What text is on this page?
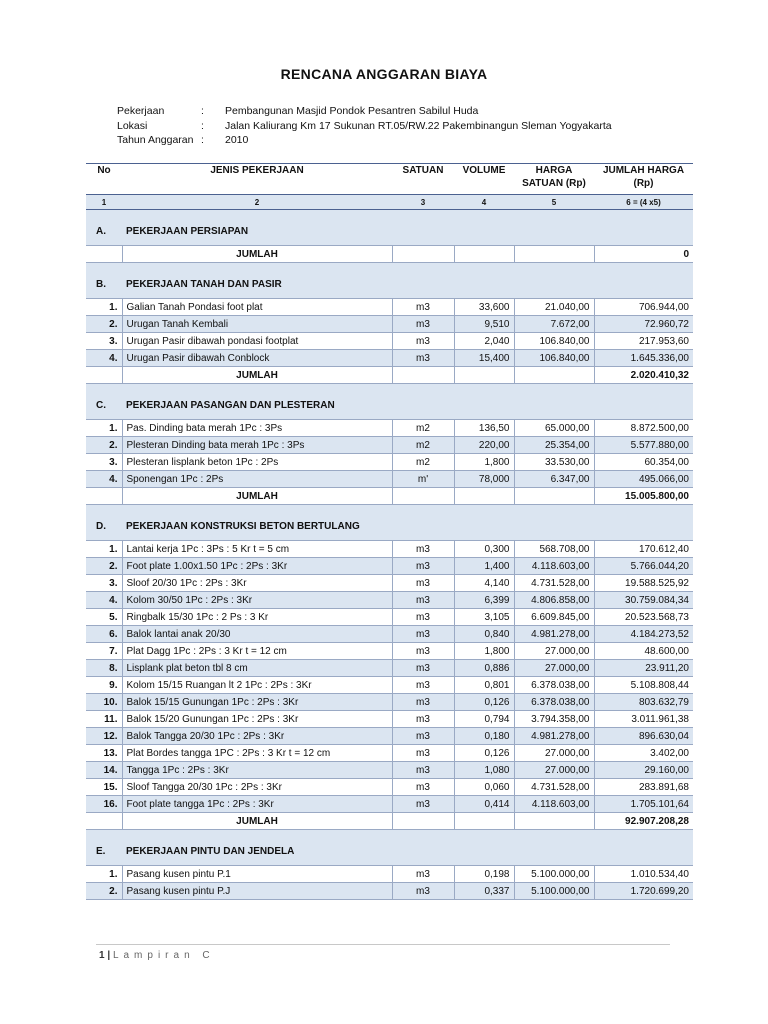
RENCANA ANGGARAN BIAYA
Pekerjaan	:	Pembangunan Masjid Pondok Pesantren Sabilul Huda
Lokasi	:	Jalan Kaliurang Km 17 Sukunan RT.05/RW.22 Pakembinangun Sleman Yogyakarta
Tahun Anggaran :	2010
No	JENIS PEKERJAAN	SATUAN	VOLUME	HARGA SATUAN (Rp)	JUMLAH HARGA (Rp)
1	2	3	4	5	6 = (4 x5)

A.	PEKERJAAN PERSIAPAN				
	JUMLAH				0

B.	PEKERJAAN TANAH DAN PASIR				
1.	Galian Tanah Pondasi foot plat	m3	33,600	21.040,00	706.944,00
2.	Urugan Tanah Kembali	m3	9,510	7.672,00	72.960,72
3.	Urugan Pasir dibawah pondasi footplat	m3	2,040	106.840,00	217.953,60
4.	Urugan Pasir dibawah Conblock	m3	15,400	106.840,00	1.645.336,00
	JUMLAH				2.020.410,32

C.	PEKERJAAN PASANGAN DAN PLESTERAN				
1.	Pas. Dinding bata merah 1Pc : 3Ps	m2	136,50	65.000,00	8.872.500,00
2.	Plesteran Dinding bata merah 1Pc : 3Ps	m2	220,00	25.354,00	5.577.880,00
3.	Plesteran lisplank beton 1Pc : 2Ps	m2	1,800	33.530,00	60.354,00
4.	Sponengan 1Pc : 2Ps	m'	78,000	6.347,00	495.066,00
	JUMLAH				15.005.800,00

D.	PEKERJAAN KONSTRUKSI BETON BERTULANG				
1.	Lantai kerja 1Pc : 3Ps : 5 Kr t = 5 cm	m3	0,300	568.708,00	170.612,40
2.	Foot plate 1.00x1.50 1Pc : 2Ps : 3Kr	m3	1,400	4.118.603,00	5.766.044,20
3.	Sloof 20/30 1Pc : 2Ps : 3Kr	m3	4,140	4.731.528,00	19.588.525,92
4.	Kolom 30/50 1Pc : 2Ps : 3Kr	m3	6,399	4.806.858,00	30.759.084,34
5.	Ringbalk 15/30 1Pc : 2 Ps : 3 Kr	m3	3,105	6.609.845,00	20.523.568,73
6.	Balok lantai anak 20/30	m3	0,840	4.981.278,00	4.184.273,52
7.	Plat Dagg 1Pc : 2Ps : 3 Kr t = 12 cm	m3	1,800	27.000,00	48.600,00
8.	Lisplank plat beton tbl 8 cm	m3	0,886	27.000,00	23.911,20
9.	Kolom 15/15 Ruangan lt 2 1Pc : 2Ps : 3Kr	m3	0,801	6.378.038,00	5.108.808,44
10.	Balok 15/15 Gunungan 1Pc : 2Ps : 3Kr	m3	0,126	6.378.038,00	803.632,79
11.	Balok 15/20 Gunungan 1Pc : 2Ps : 3Kr	m3	0,794	3.794.358,00	3.011.961,38
12.	Balok Tangga 20/30 1Pc : 2Ps : 3Kr	m3	0,180	4.981.278,00	896.630,04
13.	Plat Bordes tangga 1PC : 2Ps : 3 Kr t = 12 cm	m3	0,126	27.000,00	3.402,00
14.	Tangga 1Pc : 2Ps : 3Kr	m3	1,080	27.000,00	29.160,00
15.	Sloof Tangga 20/30 1Pc : 2Ps : 3Kr	m3	0,060	4.731.528,00	283.891,68
16.	Foot plate tangga 1Pc : 2Ps : 3Kr	m3	0,414	4.118.603,00	1.705.101,64
	JUMLAH				92.907.208,28

E.	PEKERJAAN PINTU DAN JENDELA				
1.	Pasang kusen pintu P.1	m3	0,198	5.100.000,00	1.010.534,40
2.	Pasang kusen pintu P.J	m3	0,337	5.100.000,00	1.720.699,20
1 | Lampiran C
